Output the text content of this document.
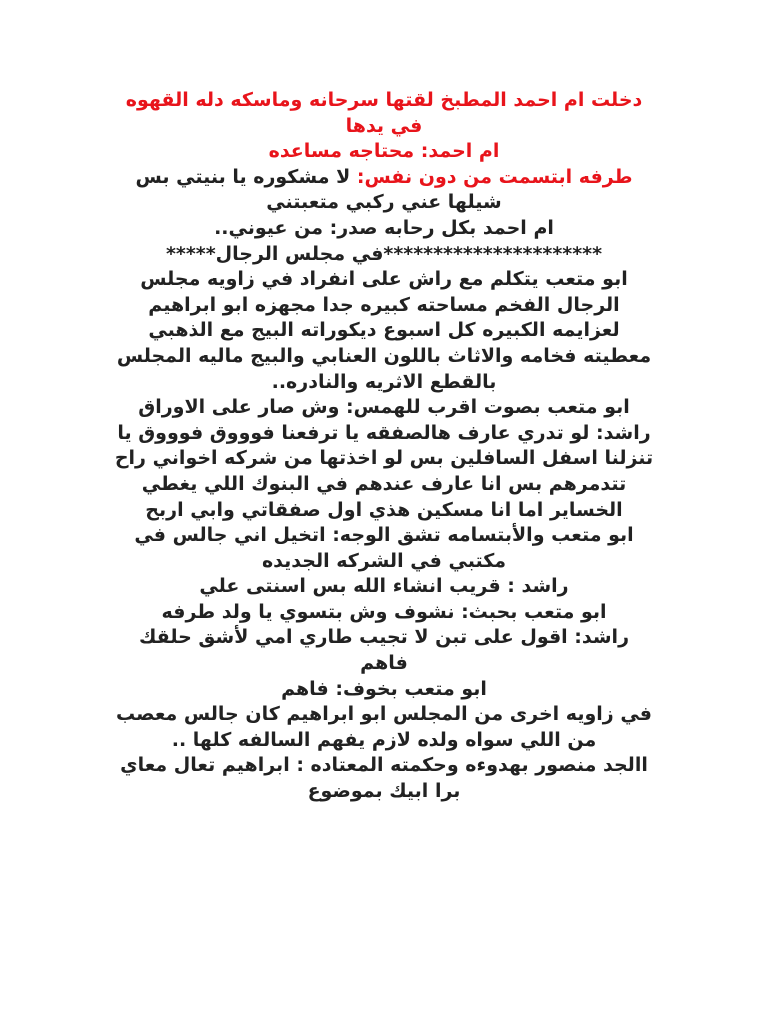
دخلت ام احمد المطبخ لقتها سرحانه وماسكه دله القهوه في يدها

ام احمد: محتاجه مساعده

طرفه ابتسمت من دون نفس: لا مشكوره يا بنيتي بس شيلها عني ركبي متعبتني

ام احمد بكل رحابه صدر: من عيوني..

**********************في مجلس الرجال*****

ابو متعب يتكلم مع راش على انفراد في زاويه مجلس الرجال الفخم مساحته كبيره جدا مجهزه ابو ابراهيم لعزايمه الكبيره كل اسبوع ديكوراته البيج مع الذهبي معطيته فخامه والاثاث باللون العنابي والبيج ماليه المجلس بالقطع الاثريه والنادره..

ابو متعب بصوت اقرب للهمس: وش صار على الاوراق

راشد: لو تدري عارف هالصفقه يا ترفعنا فوووق فوووق يا تنزلنا اسفل السافلين بس لو اخذتها من شركه اخواني راح تتدمرهم بس انا عارف عندهم في البنوك اللي يغطي الخساير اما انا مسكين هذي اول صفقاتي وابي اربح

ابو متعب والأبتسامه تشق الوجه: اتخيل اني جالس في مكتبي في الشركه الجديده

راشد : قريب انشاء الله بس اسنتى علي

ابو متعب بحبث: نشوف وش بتسوي يا ولد طرفه

راشد: اقول على تبن لا تجيب طاري امي لأشق حلقك فاهم

ابو متعب بخوف: فاهم

في زاويه اخرى من المجلس ابو ابراهيم كان جالس معصب من اللي سواه ولده لازم يفهم السالفه كلها ..

االجد منصور بهدوءه وحكمته المعتاده : ابراهيم تعال معاي برا ابيك بموضوع
